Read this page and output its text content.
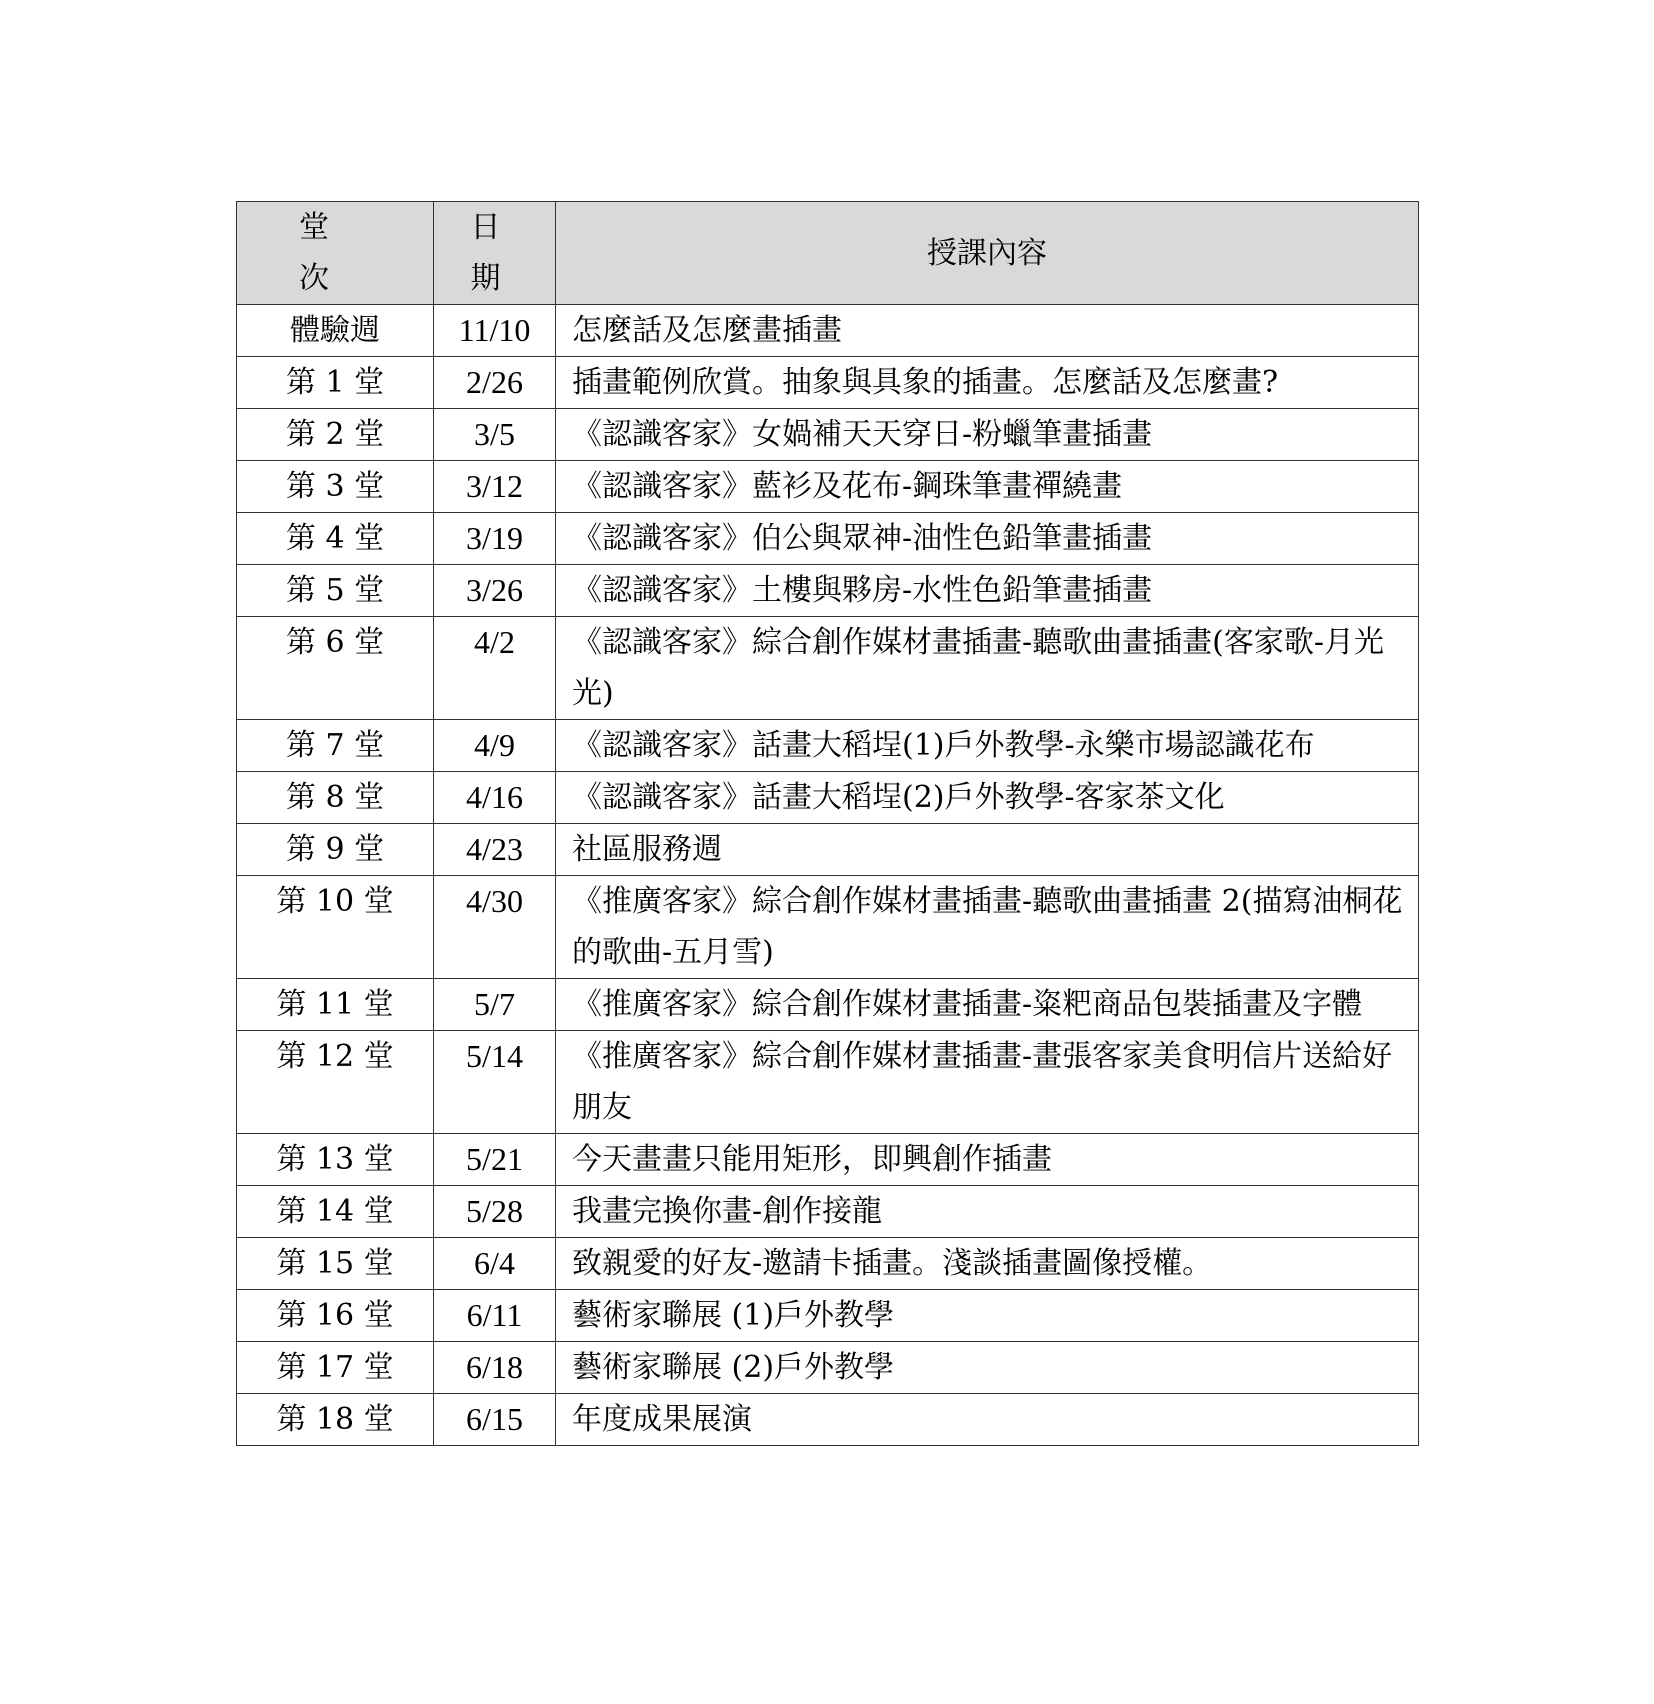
堂　次	日 期	授課內容
體驗週	11/10	怎麼話及怎麼畫插畫
第 1 堂	2/26	插畫範例欣賞。抽象與具象的插畫。怎麼話及怎麼畫?
第 2 堂	3/5	《認識客家》女媧補天天穿日-粉蠟筆畫插畫
第 3 堂	3/12	《認識客家》藍衫及花布-鋼珠筆畫禪繞畫
第 4 堂	3/19	《認識客家》伯公與眾神-油性色鉛筆畫插畫
第 5 堂	3/26	《認識客家》土樓與夥房-水性色鉛筆畫插畫
第 6 堂	4/2	《認識客家》綜合創作媒材畫插畫-聽歌曲畫插畫(客家歌-月光光)
第 7 堂	4/9	《認識客家》話畫大稻埕(1)戶外教學-永樂市場認識花布
第 8 堂	4/16	《認識客家》話畫大稻埕(2)戶外教學-客家茶文化
第 9 堂	4/23	社區服務週
第 10 堂	4/30	《推廣客家》綜合創作媒材畫插畫-聽歌曲畫插畫 2(描寫油桐花的歌曲-五月雪)
第 11 堂	5/7	《推廣客家》綜合創作媒材畫插畫-粢粑商品包裝插畫及字體
第 12 堂	5/14	《推廣客家》綜合創作媒材畫插畫-畫張客家美食明信片送給好朋友
第 13 堂	5/21	今天畫畫只能用矩形，即興創作插畫
第 14 堂	5/28	我畫完換你畫-創作接龍
第 15 堂	6/4	致親愛的好友-邀請卡插畫。淺談插畫圖像授權。
第 16 堂	6/11	藝術家聯展 (1)戶外教學
第 17 堂	6/18	藝術家聯展 (2)戶外教學
第 18 堂	6/15	年度成果展演
